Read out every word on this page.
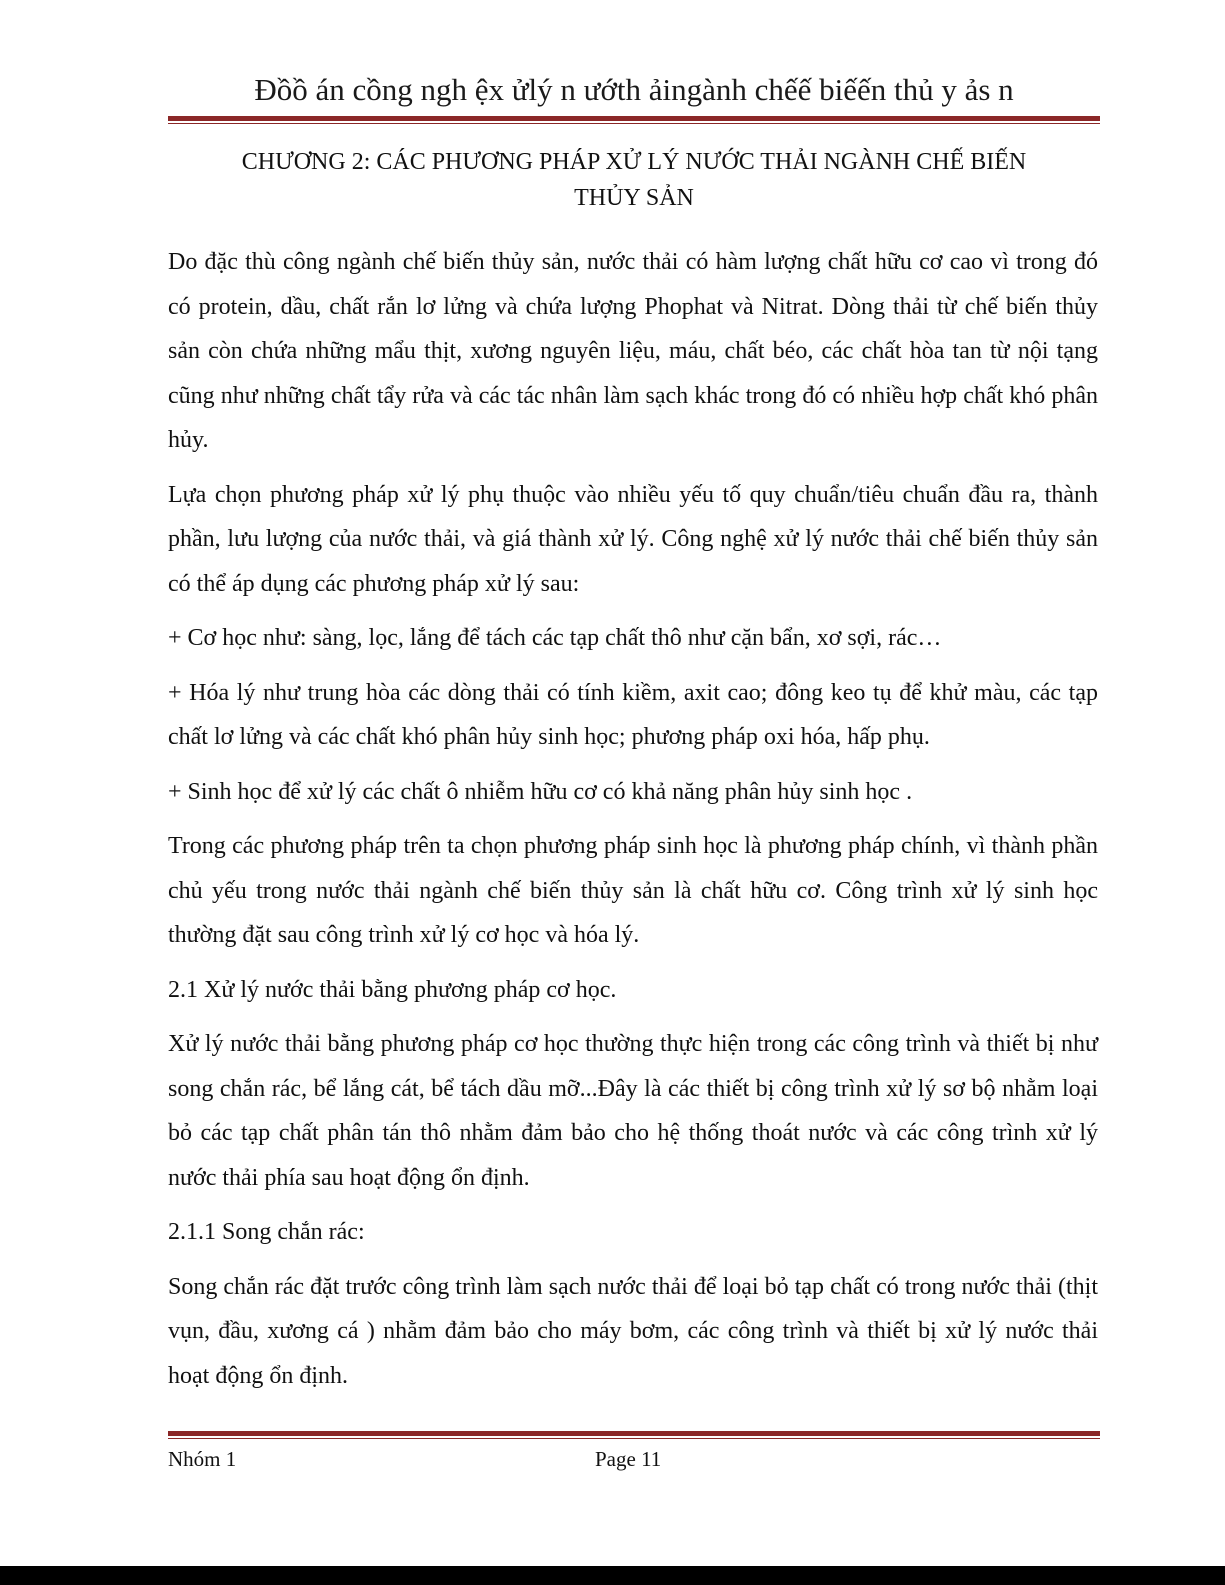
Đồồ án cồng ngh ệx ửlý n ướth ảingành chếế biếến thủ y ảs n
CHƯƠNG 2: CÁC PHƯƠNG PHÁP XỬ LÝ NƯỚC THẢI NGÀNH CHẾ BIẾN
THỦY SẢN

Do đặc thù công ngành chế biến thủy sản, nước thải có hàm lượng chất hữu cơ cao vì trong đó có protein, dầu, chất rắn lơ lửng và chứa lượng Phophat và Nitrat. Dòng thải từ chế biến thủy sản còn chứa những mẩu thịt, xương nguyên liệu, máu, chất béo, các chất hòa tan từ nội tạng cũng như những chất tẩy rửa và các tác nhân làm sạch khác trong đó có nhiều hợp chất khó phân hủy.

Lựa chọn phương pháp xử lý phụ thuộc vào nhiều yếu tố quy chuẩn/tiêu chuẩn đầu ra, thành phần, lưu lượng của nước thải, và giá thành xử lý. Công nghệ xử lý nước thải chế biến thủy sản có thể áp dụng các phương pháp xử lý sau:

+ Cơ học như: sàng, lọc, lắng để tách các tạp chất thô như cặn bẩn, xơ sợi, rác…

+ Hóa lý như trung hòa các dòng thải có tính kiềm, axit cao; đông keo tụ để khử màu, các tạp chất lơ lửng và các chất khó phân hủy sinh học; phương pháp oxi hóa, hấp phụ.

+ Sinh học để xử lý các chất ô nhiễm hữu cơ có khả năng phân hủy sinh học .

Trong các phương pháp trên ta chọn phương pháp sinh học là phương pháp chính, vì thành phần chủ yếu trong nước thải ngành chế biến thủy sản là chất hữu cơ. Công trình xử lý sinh học thường đặt sau công trình xử lý cơ học và hóa lý.

2.1 Xử lý nước thải bằng phương pháp cơ học.

Xử lý nước thải bằng phương pháp cơ học thường thực hiện trong các công trình và thiết bị như song chắn rác, bể lắng cát, bể tách dầu mỡ...Đây là các thiết bị công trình xử lý sơ bộ nhằm loại bỏ các tạp chất phân tán thô nhằm đảm bảo cho hệ thống thoát nước và các công trình xử lý nước thải phía sau hoạt động ổn định.

2.1.1 Song chắn rác:

Song chắn rác đặt trước công trình làm sạch nước thải để loại bỏ tạp chất có trong nước thải (thịt vụn, đầu, xương cá ) nhằm đảm bảo cho máy bơm, các công trình và thiết bị xử lý nước thải hoạt động ổn định.

Nhóm 1	Page 11
